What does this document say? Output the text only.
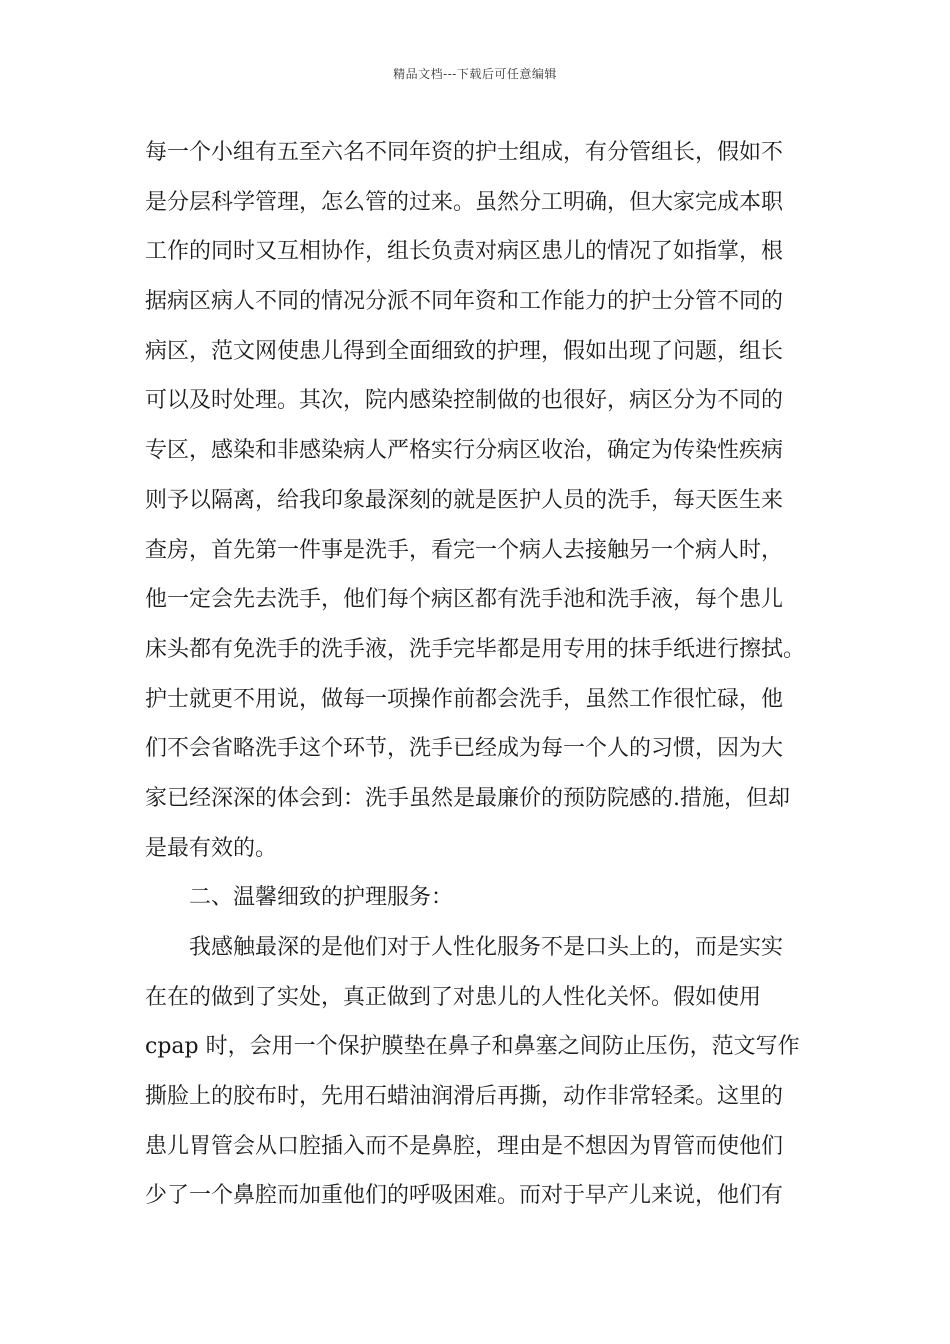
精品文档---下载后可任意编辑
每一个小组有五至六名不同年资的护士组成，有分管组长，假如不
是分层科学管理，怎么管的过来。虽然分工明确，但大家完成本职
工作的同时又互相协作，组长负责对病区患儿的情况了如指掌，根
据病区病人不同的情况分派不同年资和工作能力的护士分管不同的
病区，范文网使患儿得到全面细致的护理，假如出现了问题，组长
可以及时处理。其次，院内感染控制做的也很好，病区分为不同的
专区，感染和非感染病人严格实行分病区收治，确定为传染性疾病
则予以隔离，给我印象最深刻的就是医护人员的洗手，每天医生来
查房，首先第一件事是洗手，看完一个病人去接触另一个病人时，
他一定会先去洗手，他们每个病区都有洗手池和洗手液，每个患儿
床头都有免洗手的洗手液，洗手完毕都是用专用的抹手纸进行擦拭。
护士就更不用说，做每一项操作前都会洗手，虽然工作很忙碌，他
们不会省略洗手这个环节，洗手已经成为每一个人的习惯，因为大
家已经深深的体会到：洗手虽然是最廉价的预防院感的.措施，但却
是最有效的。
二、温馨细致的护理服务：
我感触最深的是他们对于人性化服务不是口头上的，而是实实
在在的做到了实处，真正做到了对患儿的人性化关怀。假如使用
cpap 时，会用一个保护膜垫在鼻子和鼻塞之间防止压伤，范文写作
撕脸上的胶布时，先用石蜡油润滑后再撕，动作非常轻柔。这里的
患儿胃管会从口腔插入而不是鼻腔，理由是不想因为胃管而使他们
少了一个鼻腔而加重他们的呼吸困难。而对于早产儿来说，他们有
